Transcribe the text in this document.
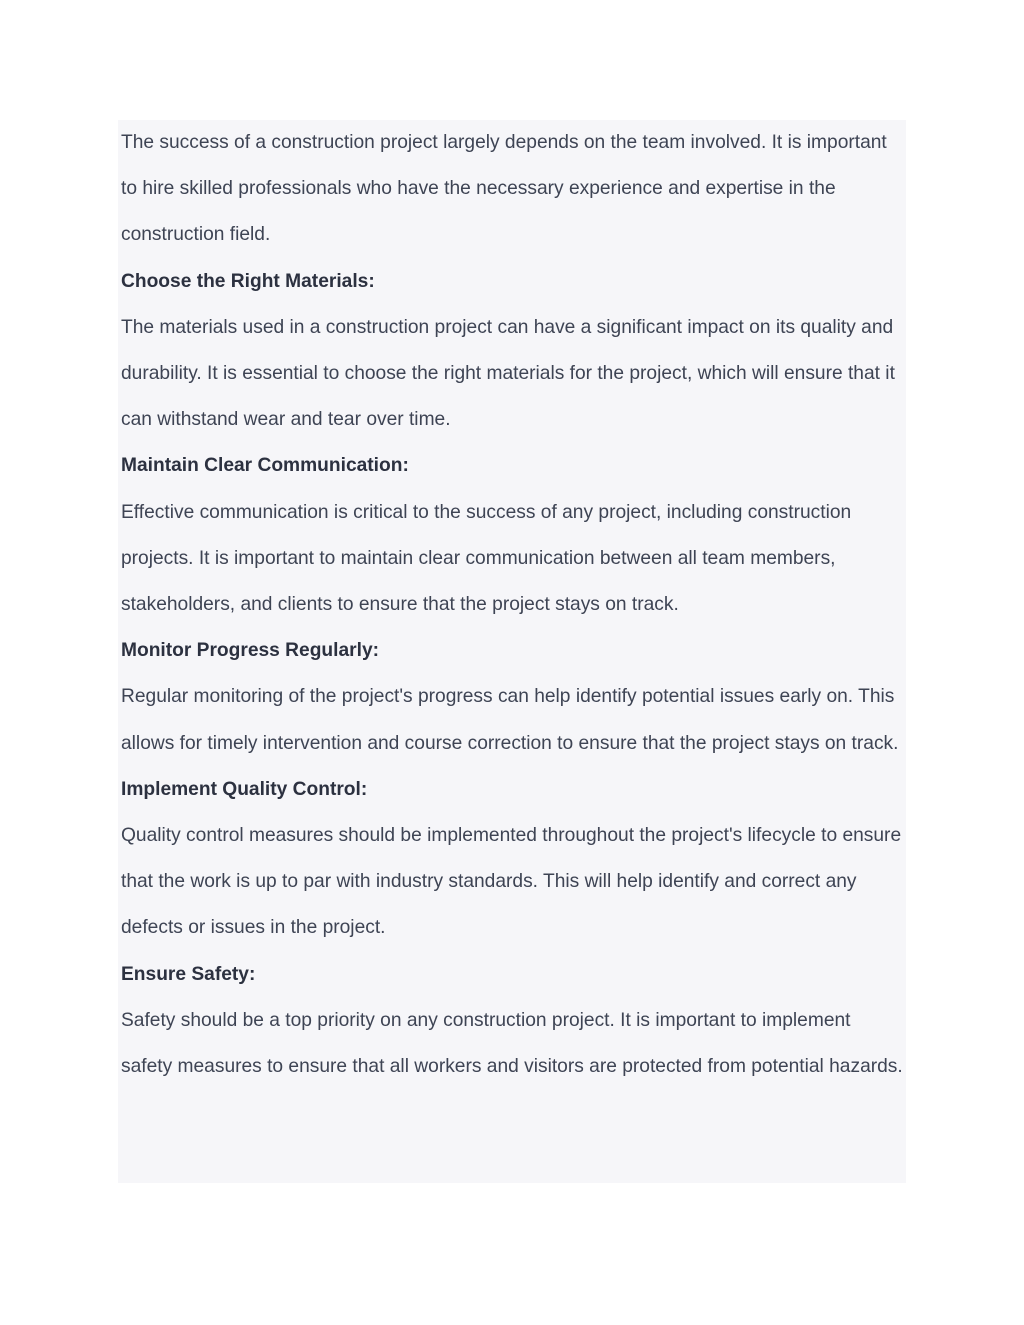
The success of a construction project largely depends on the team involved. It is important to hire skilled professionals who have the necessary experience and expertise in the construction field.

Choose the Right Materials:

The materials used in a construction project can have a significant impact on its quality and durability. It is essential to choose the right materials for the project, which will ensure that it can withstand wear and tear over time.

Maintain Clear Communication:

Effective communication is critical to the success of any project, including construction projects. It is important to maintain clear communication between all team members, stakeholders, and clients to ensure that the project stays on track.

Monitor Progress Regularly:

Regular monitoring of the project's progress can help identify potential issues early on. This allows for timely intervention and course correction to ensure that the project stays on track.

Implement Quality Control:

Quality control measures should be implemented throughout the project's lifecycle to ensure that the work is up to par with industry standards. This will help identify and correct any defects or issues in the project.

Ensure Safety:

Safety should be a top priority on any construction project. It is important to implement safety measures to ensure that all workers and visitors are protected from potential hazards.
